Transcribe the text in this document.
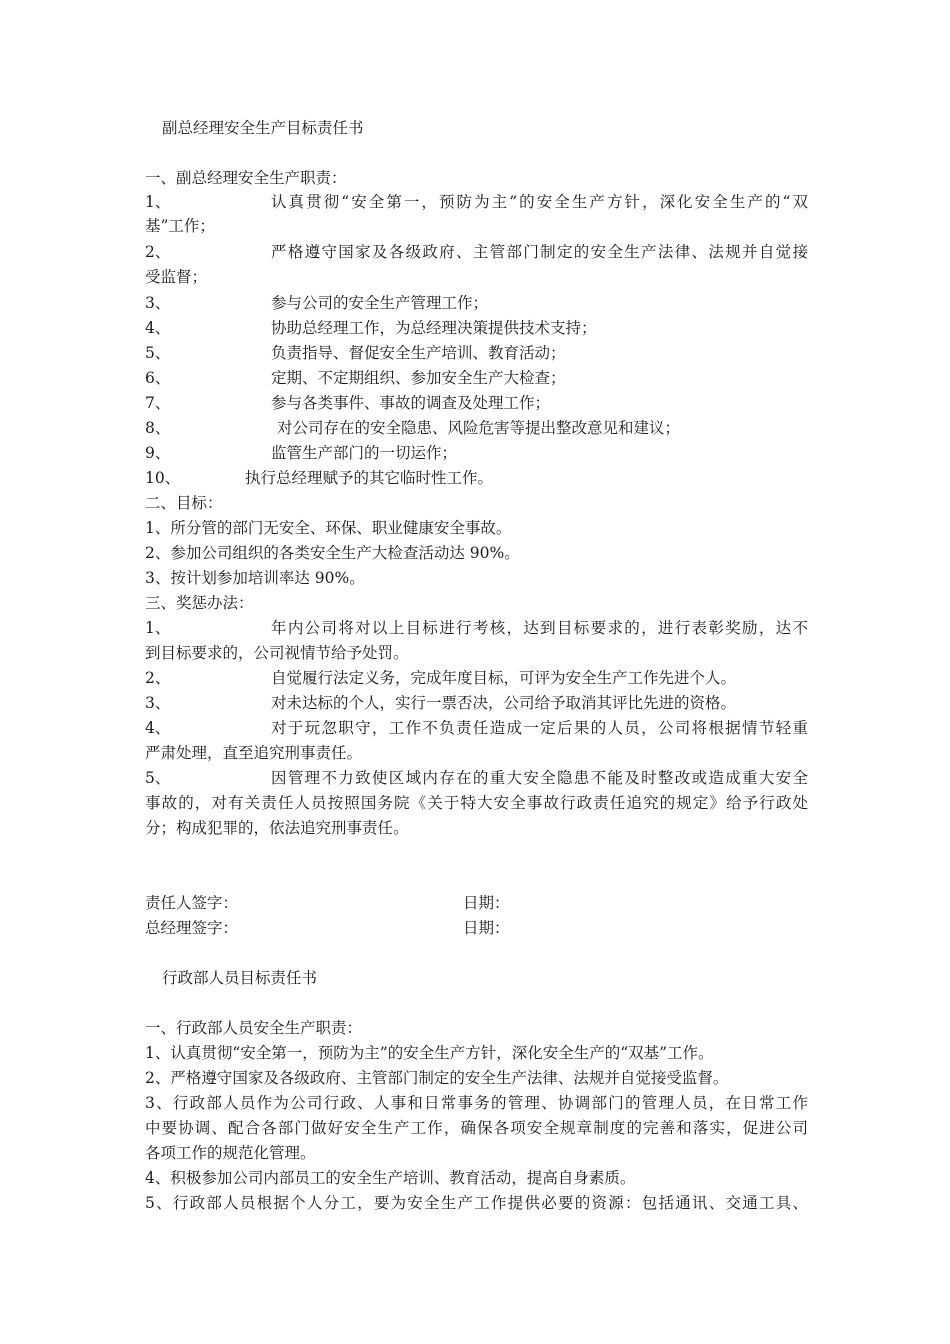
副总经理安全生产目标责任书
一、副总经理安全生产职责：
1、	认真贯彻“安全第一，预防为主”的安全生产方针，深化安全生产的“双
基”工作；
2、	严格遵守国家及各级政府、主管部门制定的安全生产法律、法规并自觉接
受监督；
3、	参与公司的安全生产管理工作；
4、	协助总经理工作，为总经理决策提供技术支持；
5、	负责指导、督促安全生产培训、教育活动；
6、	定期、不定期组织、参加安全生产大检查；
7、	参与各类事件、事故的调查及处理工作；
8、	对公司存在的安全隐患、风险危害等提出整改意见和建议；
9、	监管生产部门的一切运作；
10、	执行总经理赋予的其它临时性工作。
二、目标：
1、所分管的部门无安全、环保、职业健康安全事故。
2、参加公司组织的各类安全生产大检查活动达 90%。
3、按计划参加培训率达 90%。
三、奖惩办法：
1、	年内公司将对以上目标进行考核，达到目标要求的，进行表彰奖励，达不
到目标要求的，公司视情节给予处罚。
2、	自觉履行法定义务，完成年度目标，可评为安全生产工作先进个人。
3、	对未达标的个人，实行一票否决，公司给予取消其评比先进的资格。
4、	对于玩忽职守，工作不负责任造成一定后果的人员，公司将根据情节轻重
严肃处理，直至追究刑事责任。
5、	因管理不力致使区域内存在的重大安全隐患不能及时整改或造成重大安全
事故的，对有关责任人员按照国务院《关于特大安全事故行政责任追究的规定》给予行政处
分；构成犯罪的，依法追究刑事责任。
责任人签字：	日期：
总经理签字：	日期：
行政部人员目标责任书
一、行政部人员安全生产职责：
1、认真贯彻“安全第一，预防为主”的安全生产方针，深化安全生产的“双基”工作。
2、严格遵守国家及各级政府、主管部门制定的安全生产法律、法规并自觉接受监督。
3、行政部人员作为公司行政、人事和日常事务的管理、协调部门的管理人员，在日常工作
中要协调、配合各部门做好安全生产工作，确保各项安全规章制度的完善和落实，促进公司
各项工作的规范化管理。
4、积极参加公司内部员工的安全生产培训、教育活动，提高自身素质。
5、行政部人员根据个人分工，要为安全生产工作提供必要的资源：包括通讯、交通工具、
